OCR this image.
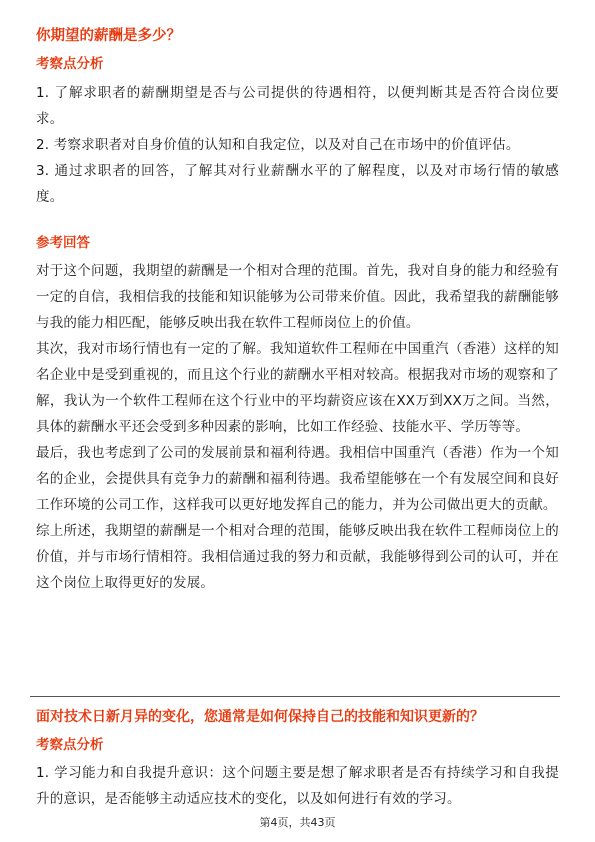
你期望的薪酬是多少？
考察点分析

1. 了解求职者的薪酬期望是否与公司提供的待遇相符，以便判断其是否符合岗位要求。

2. 考察求职者对自身价值的认知和自我定位，以及对自己在市场中的价值评估。

3. 通过求职者的回答，了解其对行业薪酬水平的了解程度，以及对市场行情的敏感度。

参考回答

对于这个问题，我期望的薪酬是一个相对合理的范围。首先，我对自身的能力和经验有一定的自信，我相信我的技能和知识能够为公司带来价值。因此，我希望我的薪酬能够与我的能力相匹配，能够反映出我在软件工程师岗位上的价值。

其次，我对市场行情也有一定的了解。我知道软件工程师在中国重汽（香港）这样的知名企业中是受到重视的，而且这个行业的薪酬水平相对较高。根据我对市场的观察和了解，我认为一个软件工程师在这个行业中的平均薪资应该在XX万到XX万之间。当然，具体的薪酬水平还会受到多种因素的影响，比如工作经验、技能水平、学历等等。

最后，我也考虑到了公司的发展前景和福利待遇。我相信中国重汽（香港）作为一个知名的企业，会提供具有竞争力的薪酬和福利待遇。我希望能够在一个有发展空间和良好工作环境的公司工作，这样我可以更好地发挥自己的能力，并为公司做出更大的贡献。

综上所述，我期望的薪酬是一个相对合理的范围，能够反映出我在软件工程师岗位上的价值，并与市场行情相符。我相信通过我的努力和贡献，我能够得到公司的认可，并在这个岗位上取得更好的发展。

面对技术日新月异的变化，您通常是如何保持自己的技能和知识更新的？
考察点分析

1. 学习能力和自我提升意识：这个问题主要是想了解求职者是否有持续学习和自我提升的意识，是否能够主动适应技术的变化，以及如何进行有效的学习。

第4页，共43页
